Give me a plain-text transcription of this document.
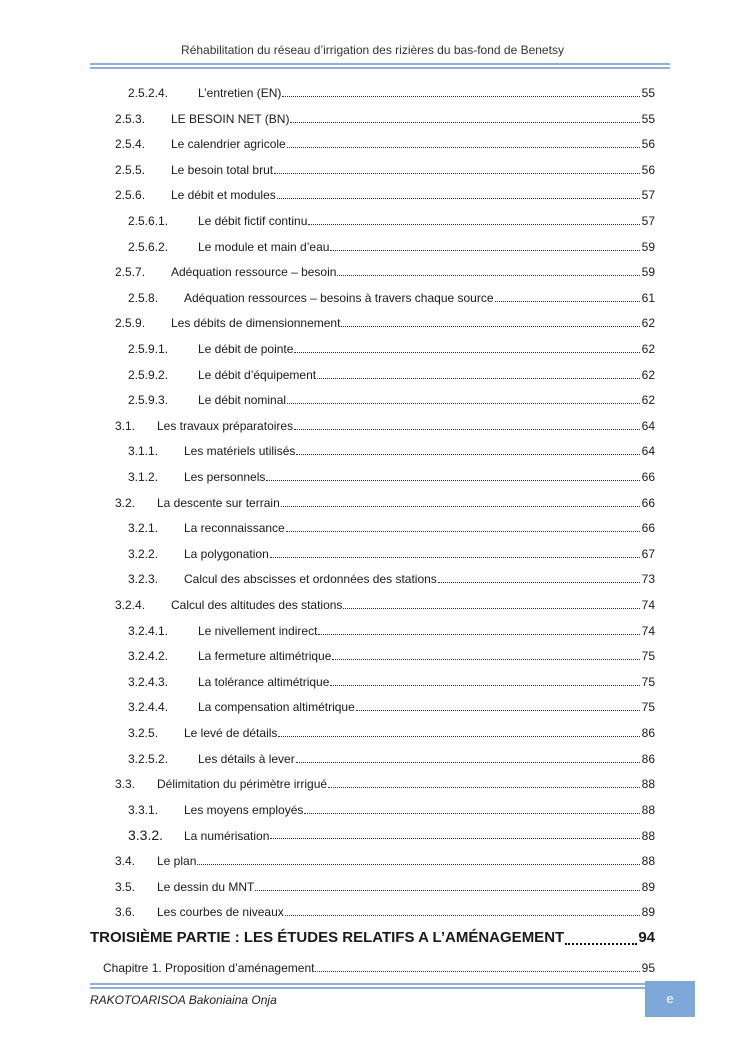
Réhabilitation du réseau d’irrigation des rizières du bas-fond de Benetsy
2.5.2.4.	L’entretien (EN)	55
2.5.3.	LE BESOIN NET (BN)	55
2.5.4.	Le calendrier agricole	56
2.5.5.	Le besoin total brut	56
2.5.6.	Le débit et modules	57
2.5.6.1.	Le débit fictif continu	57
2.5.6.2.	Le module et main d’eau	59
2.5.7.	Adéquation ressource – besoin	59
2.5.8.	Adéquation ressources – besoins à travers chaque source	61
2.5.9.	Les débits de dimensionnement	62
2.5.9.1.	Le débit de pointe	62
2.5.9.2.	Le débit d’équipement	62
2.5.9.3.	Le débit nominal	62
3.1.	Les travaux préparatoires	64
3.1.1.	Les matériels utilisés	64
3.1.2.	Les personnels	66
3.2.	La descente sur terrain	66
3.2.1.	La reconnaissance	66
3.2.2.	La polygonation	67
3.2.3.	Calcul des abscisses et ordonnées des stations	73
3.2.4.	Calcul des altitudes des stations	74
3.2.4.1.	Le nivellement indirect	74
3.2.4.2.	La fermeture altimétrique	75
3.2.4.3.	La tolérance altimétrique	75
3.2.4.4.	La compensation altimétrique	75
3.2.5.	Le levé de détails	86
3.2.5.2.	Les détails à lever	86
3.3.	Délimitation du périmètre irrigué	88
3.3.1.	Les moyens employés	88
3.3.2.	La numérisation	88
3.4.	Le plan	88
3.5.	Le dessin du MNT	89
3.6.	Les courbes de niveaux	89
TROISIÈME PARTIE : LES ÉTUDES RELATIFS A L’AMÉNAGEMENT	94
Chapitre 1. Proposition d’aménagement	95
RAKOTOARISOA Bakoniaina Onja	e
